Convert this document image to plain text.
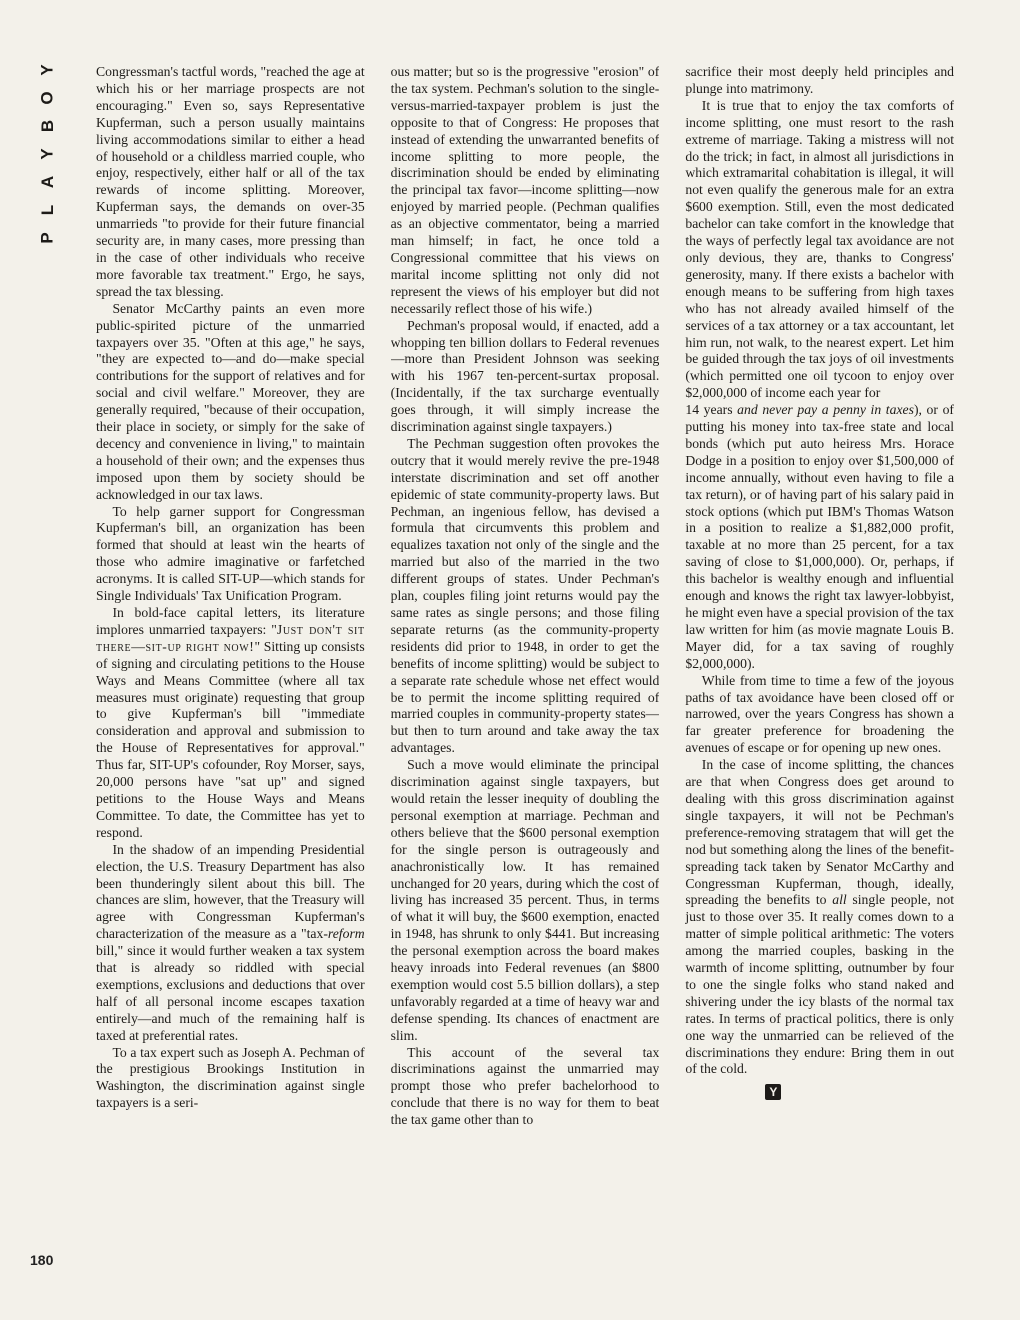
Y
O
B
Y
A
L
P

Congressman's tactful words, "reached the age at which his or her marriage prospects are not encouraging." Even so, says Representative Kupferman, such a person usually maintains living accommodations similar to either a head of household or a childless married couple, who enjoy, respectively, either half or all of the tax rewards of income splitting. Moreover, Kupferman says, the demands on over-35 unmarrieds "to provide for their future financial security are, in many cases, more pressing than in the case of other individuals who receive more favorable tax treatment." Ergo, he says, spread the tax blessing.

Senator McCarthy paints an even more public-spirited picture of the unmarried taxpayers over 35. "Often at this age," he says, "they are expected to—and do—make special contributions for the support of relatives and for social and civil welfare." Moreover, they are generally required, "because of their occupation, their place in society, or simply for the sake of decency and convenience in living," to maintain a household of their own; and the expenses thus imposed upon them by society should be acknowledged in our tax laws.

To help garner support for Congressman Kupferman's bill, an organization has been formed that should at least win the hearts of those who admire imaginative or farfetched acronyms. It is called SIT-UP—which stands for Single Individuals' Tax Unification Program.

In bold-face capital letters, its literature implores unmarried taxpayers: "Just don't sit there—sit-up right now!" Sitting up consists of signing and circulating petitions to the House Ways and Means Committee (where all tax measures must originate) requesting that group to give Kupferman's bill "immediate consideration and approval and submission to the House of Representatives for approval." Thus far, SIT-UP's cofounder, Roy Morser, says, 20,000 persons have "sat up" and signed petitions to the House Ways and Means Committee. To date, the Committee has yet to respond.

In the shadow of an impending Presidential election, the U.S. Treasury Department has also been thunderingly silent about this bill. The chances are slim, however, that the Treasury will agree with Congressman Kupferman's characterization of the measure as a "tax-reform bill," since it would further weaken a tax system that is already so riddled with special exemptions, exclusions and deductions that over half of all personal income escapes taxation entirely—and much of the remaining half is taxed at preferential rates.

To a tax expert such as Joseph A. Pechman of the prestigious Brookings Institution in Washington, the discrimination against single taxpayers is a seri-

ous matter; but so is the progressive "erosion" of the tax system. Pechman's solution to the single-versus-married-taxpayer problem is just the opposite to that of Congress: He proposes that instead of extending the unwarranted benefits of income splitting to more people, the discrimination should be ended by eliminating the principal tax favor—income splitting—now enjoyed by married people. (Pechman qualifies as an objective commentator, being a married man himself; in fact, he once told a Congressional committee that his views on marital income splitting not only did not represent the views of his employer but did not necessarily reflect those of his wife.)

Pechman's proposal would, if enacted, add a whopping ten billion dollars to Federal revenues—more than President Johnson was seeking with his 1967 ten-percent-surtax proposal. (Incidentally, if the tax surcharge eventually goes through, it will simply increase the discrimination against single taxpayers.)

The Pechman suggestion often provokes the outcry that it would merely revive the pre-1948 interstate discrimination and set off another epidemic of state community-property laws. But Pechman, an ingenious fellow, has devised a formula that circumvents this problem and equalizes taxation not only of the single and the married but also of the married in the two different groups of states. Under Pechman's plan, couples filing joint returns would pay the same rates as single persons; and those filing separate returns (as the community-property residents did prior to 1948, in order to get the benefits of income splitting) would be subject to a separate rate schedule whose net effect would be to permit the income splitting required of married couples in community-property states—but then to turn around and take away the tax advantages.

Such a move would eliminate the principal discrimination against single taxpayers, but would retain the lesser inequity of doubling the personal exemption at marriage. Pechman and others believe that the $600 personal exemption for the single person is outrageously and anachronistically low. It has remained unchanged for 20 years, during which the cost of living has increased 35 percent. Thus, in terms of what it will buy, the $600 exemption, enacted in 1948, has shrunk to only $441. But increasing the personal exemption across the board makes heavy inroads into Federal revenues (an $800 exemption would cost 5.5 billion dollars), a step unfavorably regarded at a time of heavy war and defense spending. Its chances of enactment are slim.

This account of the several tax discriminations against the unmarried may prompt those who prefer bachelorhood to conclude that there is no way for them to beat the tax game other than to

sacrifice their most deeply held principles and plunge into matrimony.

It is true that to enjoy the tax comforts of income splitting, one must resort to the rash extreme of marriage. Taking a mistress will not do the trick; in fact, in almost all jurisdictions in which extramarital cohabitation is illegal, it will not even qualify the generous male for an extra $600 exemption. Still, even the most dedicated bachelor can take comfort in the knowledge that the ways of perfectly legal tax avoidance are not only devious, they are, thanks to Congress' generosity, many. If there exists a bachelor with enough means to be suffering from high taxes who has not already availed himself of the services of a tax attorney or a tax accountant, let him run, not walk, to the nearest expert. Let him be guided through the tax joys of oil investments (which permitted one oil tycoon to enjoy over $2,000,000 of income each year for

14 years and never pay a penny in taxes), or of putting his money into tax-free state and local bonds (which put auto heiress Mrs. Horace Dodge in a position to enjoy over $1,500,000 of income annually, without even having to file a tax return), or of having part of his salary paid in stock options (which put IBM's Thomas Watson in a position to realize a $1,882,000 profit, taxable at no more than 25 percent, for a tax saving of close to $1,000,000). Or, perhaps, if this bachelor is wealthy enough and influential enough and knows the right tax lawyer-lobbyist, he might even have a special provision of the tax law written for him (as movie magnate Louis B. Mayer did, for a tax saving of roughly $2,000,000).

While from time to time a few of the joyous paths of tax avoidance have been closed off or narrowed, over the years Congress has shown a far greater preference for broadening the avenues of escape or for opening up new ones.

In the case of income splitting, the chances are that when Congress does get around to dealing with this gross discrimination against single taxpayers, it will not be Pechman's preference-removing stratagem that will get the nod but something along the lines of the benefit-spreading tack taken by Senator McCarthy and Congressman Kupferman, though, ideally, spreading the benefits to all single people, not just to those over 35. It really comes down to a matter of simple political arithmetic: The voters among the married couples, basking in the warmth of income splitting, outnumber by four to one the single folks who stand naked and shivering under the icy blasts of the normal tax rates. In terms of practical politics, there is only one way the unmarried can be relieved of the discriminations they endure: Bring them in out of the cold.

Y

180
